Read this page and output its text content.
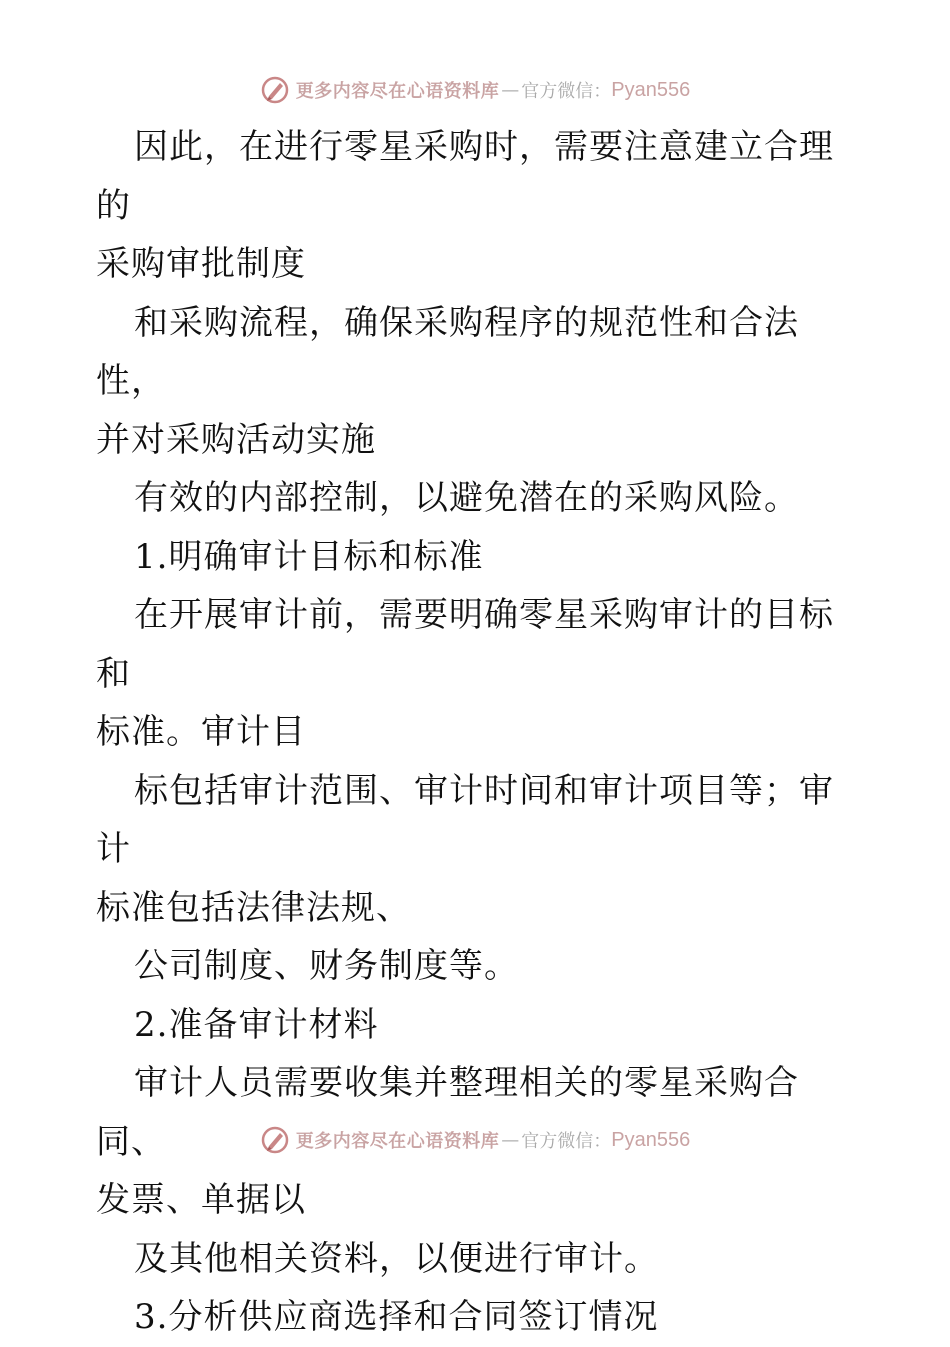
更多内容尽在心语资料库 — 官方微信： Pyan556

因此，在进行零星采购时，需要注意建立合理的

采购审批制度

和采购流程，确保采购程序的规范性和合法性，

并对采购活动实施

有效的内部控制，以避免潜在的采购风险。

1.明确审计目标和标准

在开展审计前，需要明确零星采购审计的目标和

标准。审计目

标包括审计范围、审计时间和审计项目等；审计

标准包括法律法规、

公司制度、财务制度等。

2.准备审计材料

审计人员需要收集并整理相关的零星采购合同、

发票、单据以

及其他相关资料，以便进行审计。

3.分析供应商选择和合同签订情况

更多内容尽在心语资料库 — 官方微信： Pyan556
